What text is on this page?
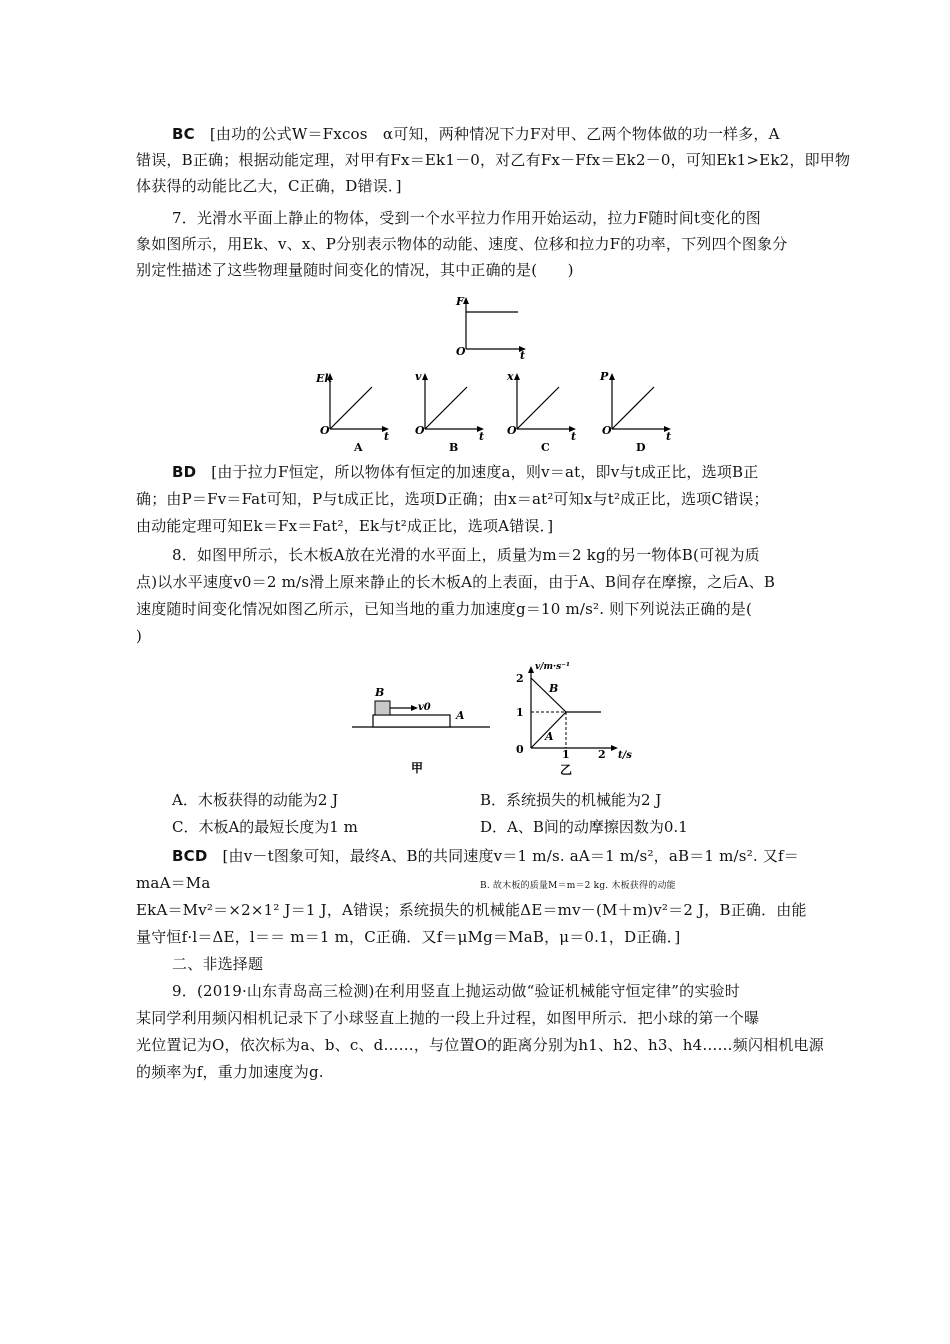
BC [由功的公式W＝Fxcos　α可知，两种情况下力F对甲、乙两个物体做的功一样多，A
错误，B正确；根据动能定理，对甲有Fx＝Ek1－0，对乙有Fx－Ffx＝Ek2－0，可知Ek1>Ek2，即甲物
体获得的动能比乙大，C正确，D错误．]
7．光滑水平面上静止的物体，受到一个水平拉力作用开始运动，拉力F随时间t变化的图
象如图所示，用Ek、v、x、P分别表示物体的动能、速度、位移和拉力F的功率，下列四个图象分
别定性描述了这些物理量随时间变化的情况，其中正确的是(　　)
F
O	t
Ek
O	t
A
v
O	t
B
x
O	t
C
P
O	t
D
BD [由于拉力F恒定，所以物体有恒定的加速度a，则v＝at，即v与t成正比，选项B正
确；由P＝Fv＝Fat可知，P与t成正比，选项D正确；由x＝at²可知x与t²成正比，选项C错误；
由动能定理可知Ek＝Fx＝Fat²，Ek与t²成正比，选项A错误．]
8．如图甲所示，长木板A放在光滑的水平面上，质量为m＝2 kg的另一物体B(可视为质
点)以水平速度v0＝2 m/s滑上原来静止的长木板A的上表面，由于A、B间存在摩擦，之后A、B
速度随时间变化情况如图乙所示，已知当地的重力加速度g＝10 m/s². 则下列说法正确的是(
)
B
v0
A
甲
v/m·s⁻¹
2
1
0	1	2 t/s
B
A
乙
A．木板获得的动能为2 J	B．系统损失的机械能为2 J
C．木板A的最短长度为1 m	D．A、B间的动摩擦因数为0.1
BCD [由v－t图象可知，最终A、B的共同速度v＝1 m/s. aA＝1 m/s²，aB＝1 m/s². 又f＝
maA＝Ma	B. 故木板的质量M＝m＝2 kg. 木板获得的动能
EkA＝Mv²＝×2×1² J＝1 J，A错误；系统损失的机械能ΔE＝mv－(M＋m)v²＝2 J，B正确．由能
量守恒f·l＝ΔE，l＝＝ m＝1 m，C正确．又f＝μMg＝MaB，μ＝0.1，D正确．]
二、非选择题
9．(2019·山东青岛高三检测)在利用竖直上抛运动做“验证机械能守恒定律”的实验时
某同学利用频闪相机记录下了小球竖直上抛的一段上升过程，如图甲所示．把小球的第一个曝
光位置记为O，依次标为a、b、c、d……，与位置O的距离分别为h1、h2、h3、h4……频闪相机电源
的频率为f，重力加速度为g.
